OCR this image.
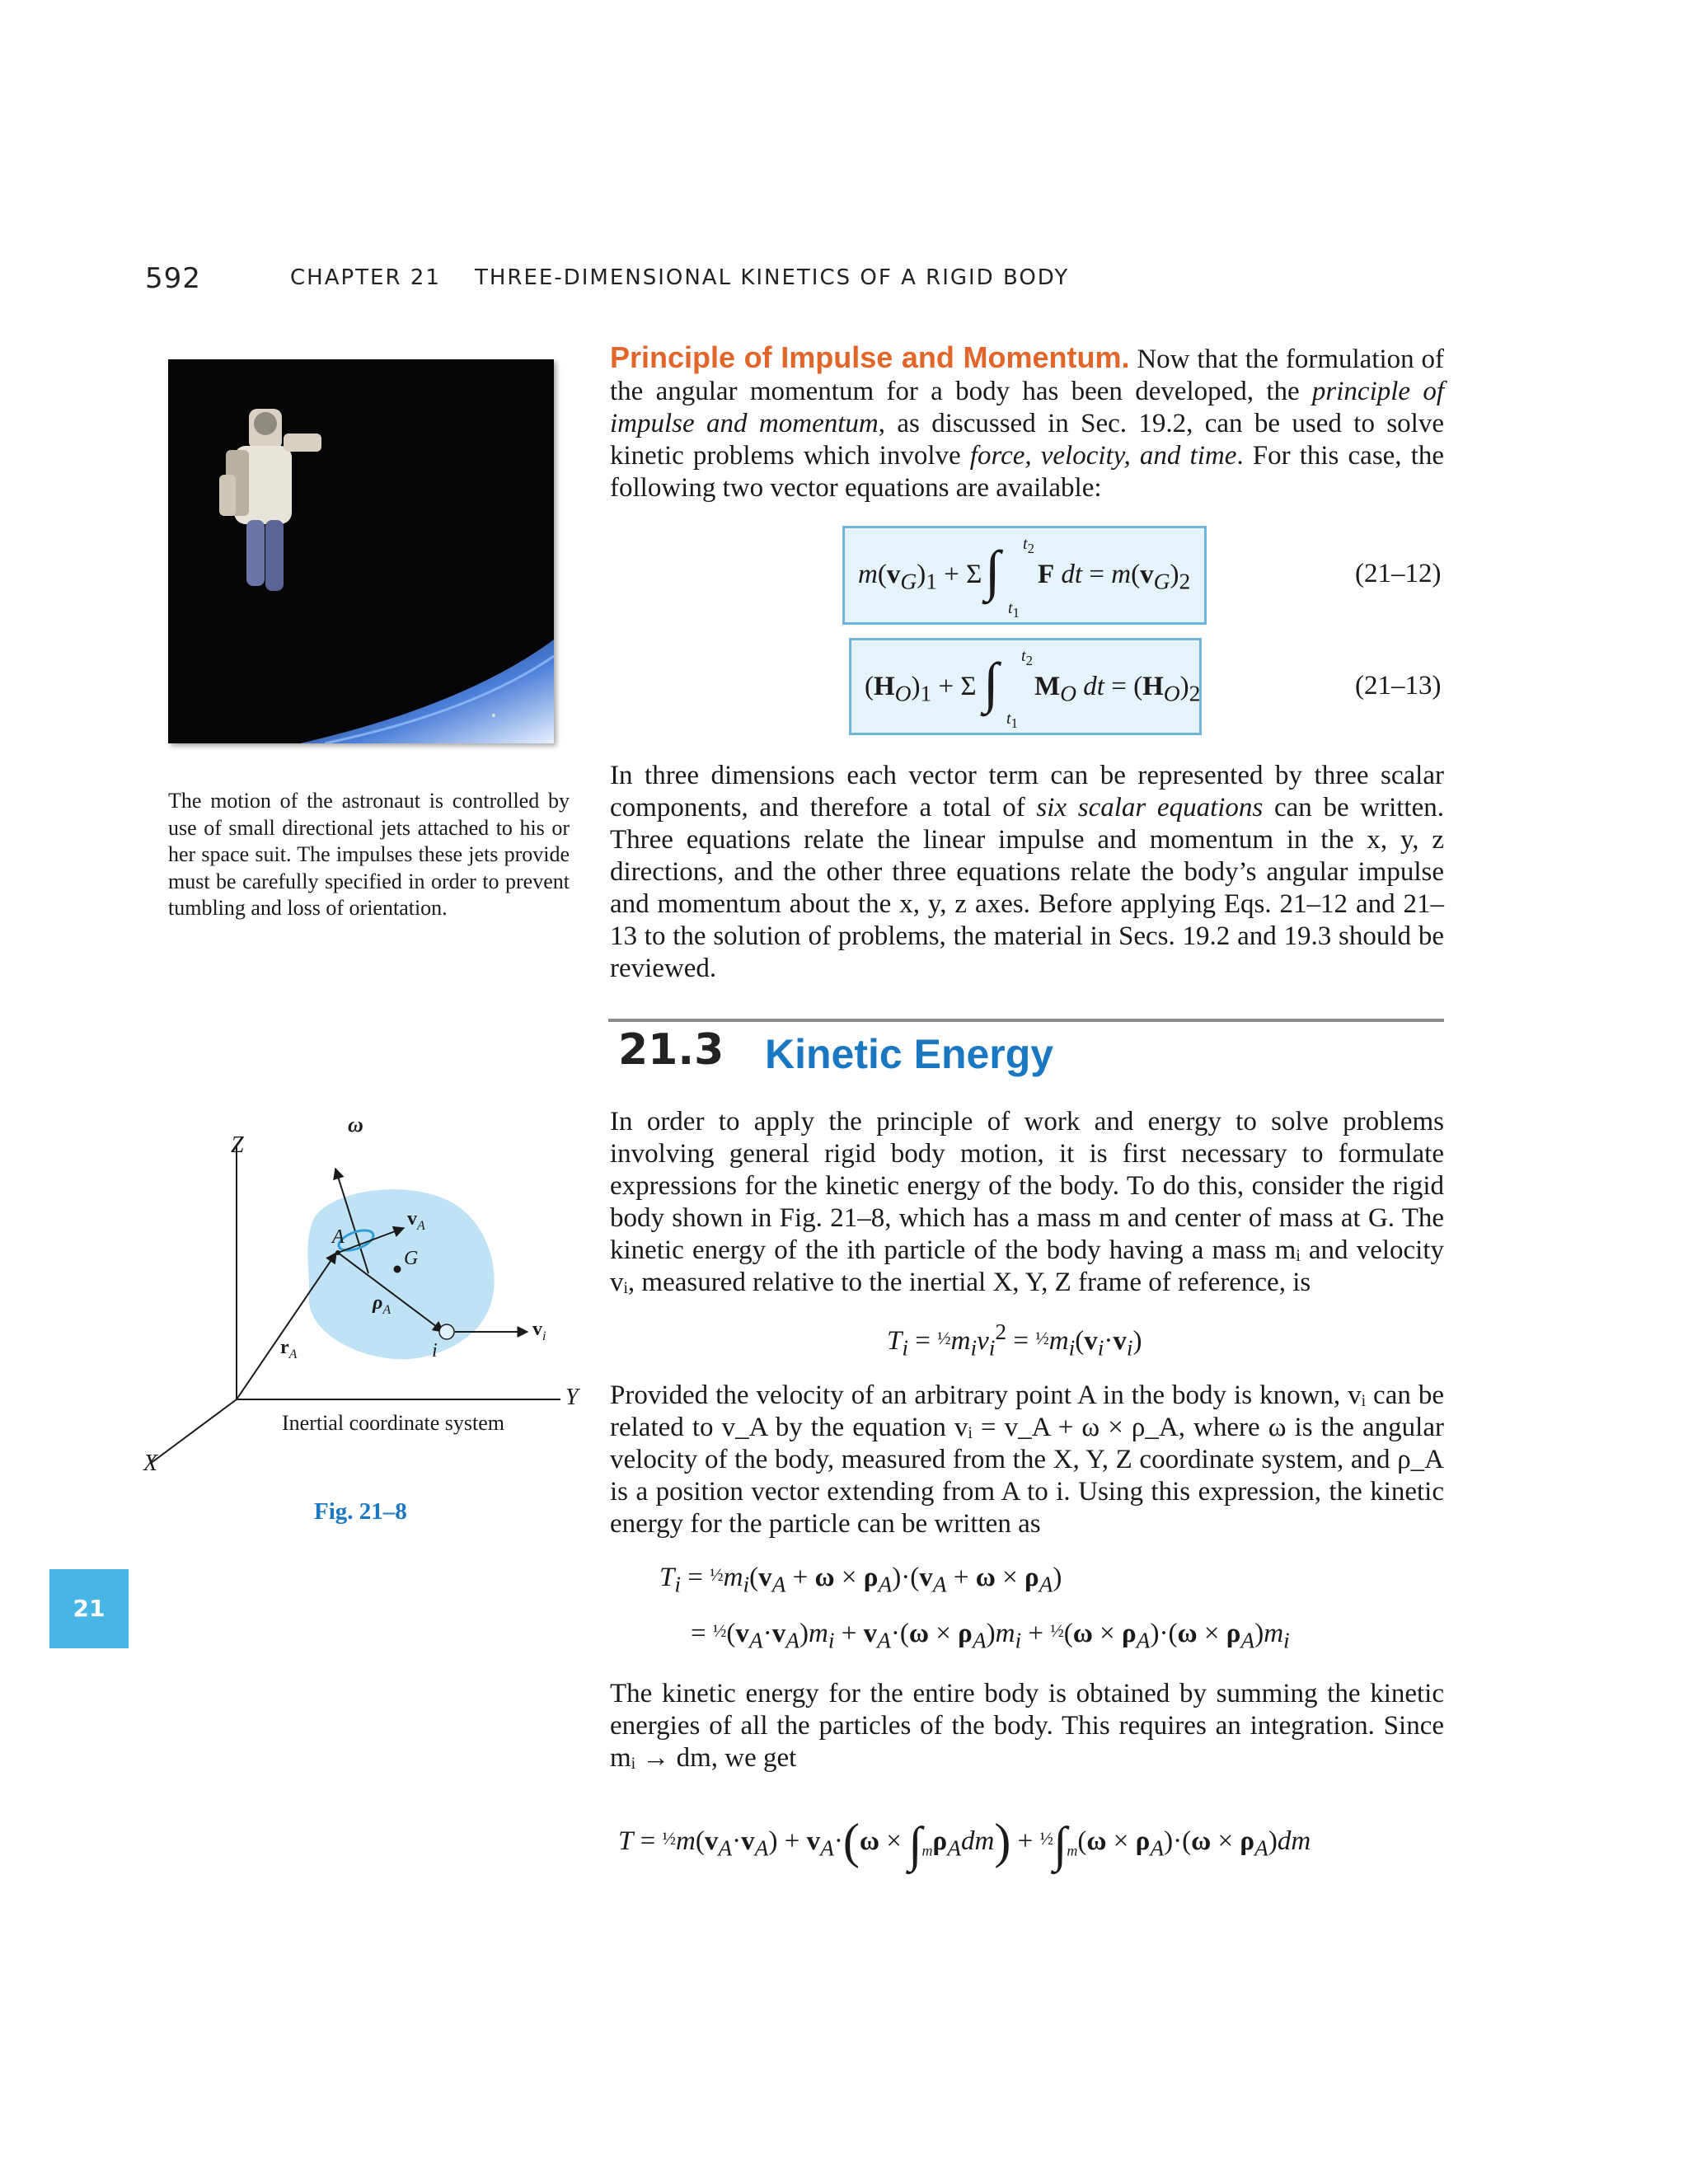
592	CHAPTER 21 THREE-DIMENSIONAL KINETICS OF A RIGID BODY
The motion of the astronaut is controlled by use of small directional jets attached to his or her space suit. The impulses these jets provide must be carefully specified in order to prevent tumbling and loss of orientation.
Principle of Impulse and Momentum. Now that the formulation of the angular momentum for a body has been developed, the principle of impulse and momentum, as discussed in Sec. 19.2, can be used to solve kinetic problems which involve force, velocity, and time. For this case, the following two vector equations are available:
$m(v_G)_1 + \Sigma$ ∫ $t_2$
$t_1$
F dt = $m(v_G)_2$	(21–12)
$(H_O)_1 + \Sigma$ ∫ $t_2$
$t_1$
$M_O$ dt = $(H_O)_2$	(21–13)
In three dimensions each vector term can be represented by three scalar components, and therefore a total of six scalar equations can be written. Three equations relate the linear impulse and momentum in the x, y, z directions, and the other three equations relate the body’s angular impulse and momentum about the x, y, z axes. Before applying Eqs. 21–12 and 21–13 to the solution of problems, the material in Secs. 19.2 and 19.3 should be reviewed.
21.3 Kinetic Energy
In order to apply the principle of work and energy to solve problems involving general rigid body motion, it is first necessary to formulate expressions for the kinetic energy of the body. To do this, consider the rigid body shown in Fig. 21–8, which has a mass m and center of mass at G. The kinetic energy of the ith particle of the body having a mass mᵢ and velocity vᵢ, measured relative to the inertial X, Y, Z frame of reference, is
$T_i$ = $\frac{1}{2}m_iv_i^2$ = $\frac{1}{2}m_i(v_i\cdot v_i)$
Provided the velocity of an arbitrary point A in the body is known, vᵢ can be related to v_A by the equation vᵢ = v_A + ω × ρ_A, where ω is the angular velocity of the body, measured from the X, Y, Z coordinate system, and ρ_A is a position vector extending from A to i. Using this expression, the kinetic energy for the particle can be written as
$T_i$ = $\frac{1}{2}m_i(v_A + \omega \times \rho_A)\cdot(v_A + \omega \times \rho_A)$
= $\frac{1}{2}(v_A\cdot v_A)m_i + v_A\cdot(\omega \times \rho_A)m_i$ + ½(ω × $\rho_A)\cdot(\omega \times \rho_A)m_i$
The kinetic energy for the entire body is obtained by summing the kinetic energies of all the particles of the body. This requires an integration. Since mᵢ → dm, we get
$T = \frac{1}{2}m(v_A\cdot v_A) + v_A\cdot(\omega \times \int_m\rho_Adm)$ + $\frac{1}{2}\int_m(\omega \times \rho_A)\cdot(\omega \times \rho_A)dm$
Z
Y
X
ω
A
G
i
$v_A$
$v_i$
$\rho_A$
$r_A$
Inertial coordinate system
Fig. 21–8
21
